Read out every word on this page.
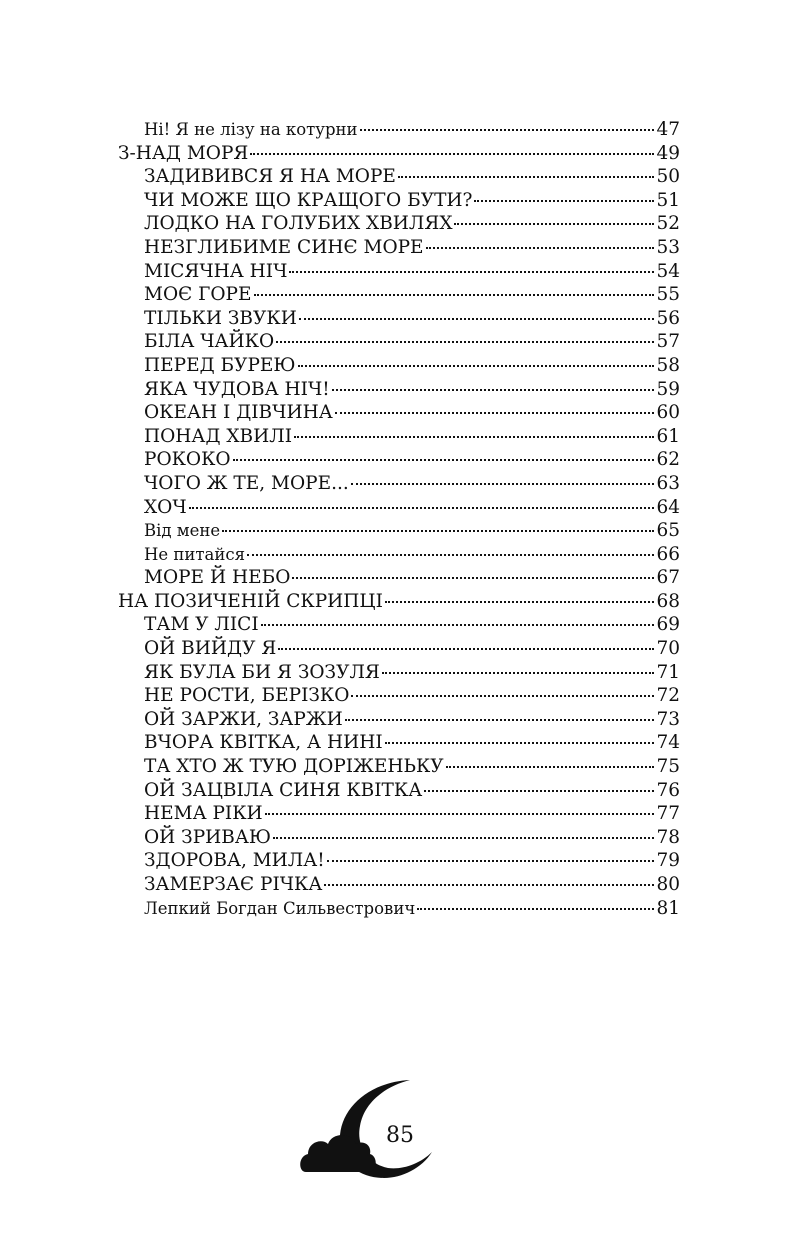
Ні! Я не лізу на котурни	47
З-НАД МОРЯ	49
ЗАДИВИВСЯ Я НА МОРЕ	50
ЧИ МОЖЕ ЩО КРАЩОГО БУТИ?	51
ЛОДКО НА ГОЛУБИХ ХВИЛЯХ	52
НЕЗГЛИБИМЕ СИНЄ МОРЕ	53
МІСЯЧНА НІЧ	54
МОЄ ГОРЕ	55
ТІЛЬКИ ЗВУКИ	56
БІЛА ЧАЙКО	57
ПЕРЕД БУРЕЮ	58
ЯКА ЧУДОВА НІЧ!	59
ОКЕАН І ДІВЧИНА	60
ПОНАД ХВИЛІ	61
РОКОКО	62
ЧОГО Ж ТЕ, МОРЕ...	63
ХОЧ	64
Від мене	65
Не питайся	66
МОРЕ Й НЕБО	67
НА ПОЗИЧЕНІЙ СКРИПЦІ	68
ТАМ У ЛІСІ	69
ОЙ ВИЙДУ Я	70
ЯК БУЛА БИ Я ЗОЗУЛЯ	71
НЕ РОСТИ, БЕРІЗКО	72
ОЙ ЗАРЖИ, ЗАРЖИ	73
ВЧОРА КВІТКА, А НИНІ	74
ТА ХТО Ж ТУЮ ДОРІЖЕНЬКУ	75
ОЙ ЗАЦВІЛА СИНЯ КВІТКА	76
НЕМА РІКИ	77
ОЙ ЗРИВАЮ	78
ЗДОРОВА, МИЛА!	79
ЗАМЕРЗАЄ РІЧКА	80
Лепкий Богдан Сильвестрович	81
85
